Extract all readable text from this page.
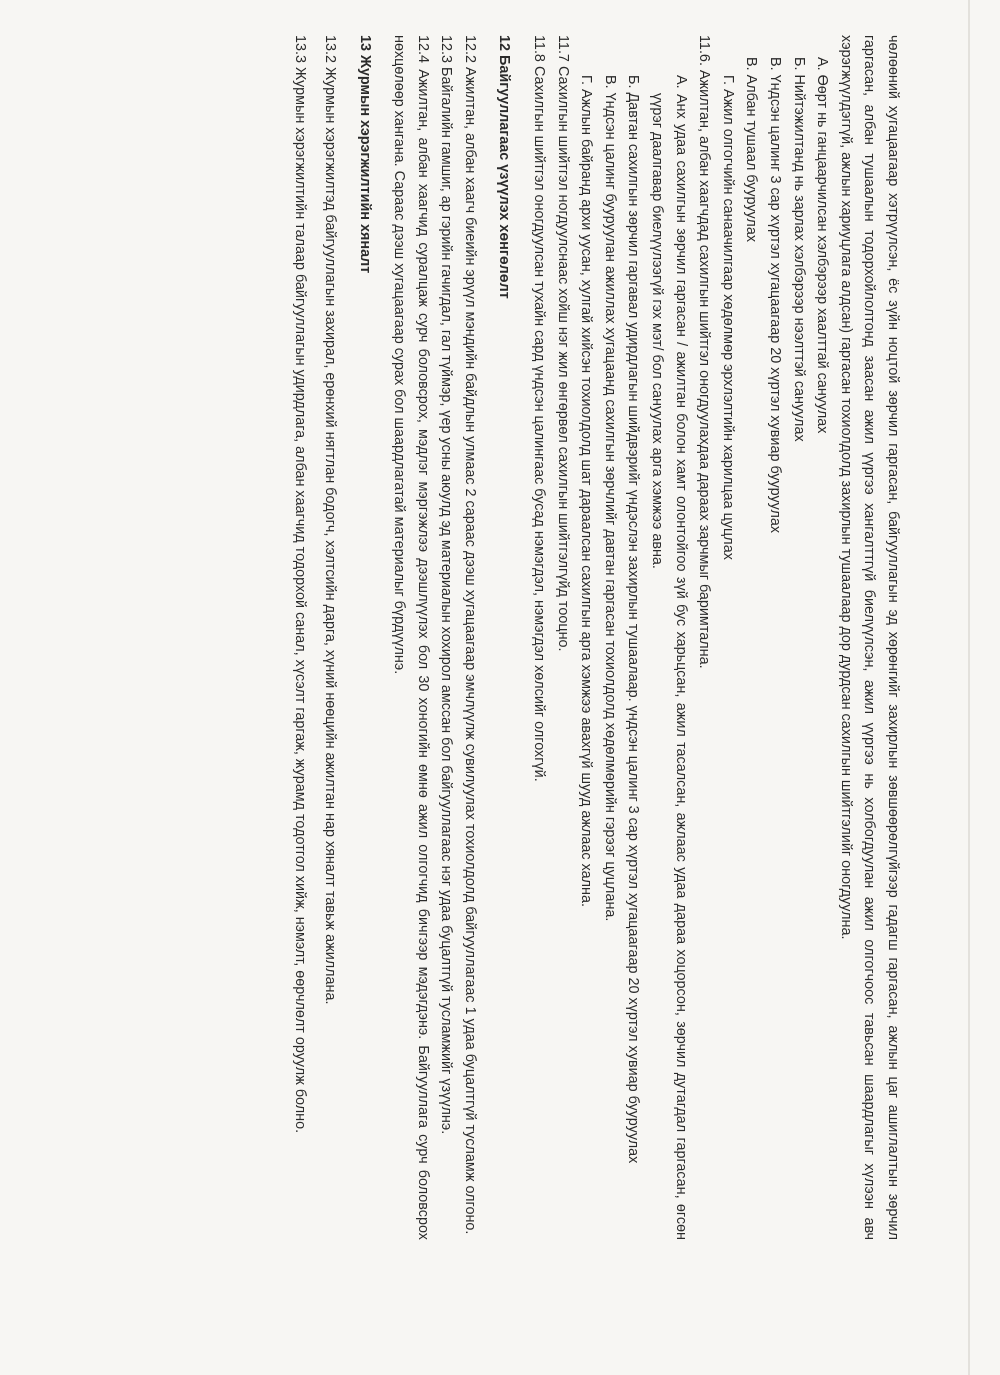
чөлөөний хугацаагаар хэтрүүлсэн, ёс зүйн ноцтой зөрчил гаргасан, байгууллагын эд хөрөнгийг захирлын зөвшөөрөлгүйгээр гадагш гаргасан, ажлын цаг ашиглалтын зөрчил гаргасан, албан тушаалын тодорхойлолтонд заасан ажил үүргээ хангалттгүй биелүүлсэн, ажил үүргээ нь холбогдуулан ажил олгогчоос тавьсан шаардлагыг хүлээн авч хэрэгжүүлдэггүй, ажлын хариуцлага алдсан) гаргасан тохиолдолд захирлын тушаалаар дор дурдсан сахилгын шийтгэлийг оногдуулна.

А. Өөрт нь ганцаарчилсан хэлбэрээр хаалттай сануулах

Б. Нийтэжилтанд нь зарлах хэлбэрээр нээлттэй сануулах

В. Үндсэн цалинг 3 сар хүртэл хугацаагаар 20 хүртэл хувиар бууруулах

В. Албан тушаал бууруулах

Г. Ажил олгогчийн санаачилгаар хөдөлмөр эрхлэлтийн харилцаа цуцлах

11.6. Ажилтан, албан хаагчдад сахилгын шийтгэл оногдуулахдаа дараах зарчмыг баримтална.

А. Анх удаа сахилгын зөрчил гаргасан / ажилтан болон хамт олонтойгоо зүй бус харьцсан, ажил тасалсан, ажлаас удаа дараа хоцорсон, зөрчил дутагдал гаргасан, өгсөн үүрэг даалгавар биелүүлээгүй гэх мэт/ бол сануулах арга хэмжээ авна.

Б. Давтан сахилгын зөрчил гаргавал удирдлагын шийдвэрийг үндэслэн захирлын тушаалаар. үндсэн цалинг 3 сар хүртэл хугацаагаар 20 хүртэл хувиар бууруулах

В. Үндсэн цалинг бууруулан ажиллах хугацаанд сахилгын зөрчлийг давтан гаргасан тохиолдолд хөдөлмөрийн гэрээг цуцлана.

Г. Ажлын байранд архи уусан, хулгай хийсэн тохиолдолд шат дараалсан сахилгын арга хэмжээ авахгүй шууд ажлаас хална.

11.7 Сахилгын шийтгэл ногдуулснаас хойш нэг жил өнгөрвөл сахилгын шийтгэлгүйд тооцно.

11.8 Сахилгын шийтгэл оногдуулсан тухайн сард үндсэн цалингаас бусад нэмэгдэл, нэмэгдэл хөлсийг олгохгүй.

12 Байгууллагаас үзүүлэх хөнгөлөлт

12.2 Ажилтан, албан хаагч биеийн эрүүл мэндийн байдлын улмаас 2 сараас дээш хугацаагаар эмчлүүлж сувилуулах тохиолдолд байгууллагаас 1 удаа буцалтгүй тусламж олгоно.

12.3 Байгалийн гамшиг, ар гэрийн гачигдал, гал түймэр, үер усны аюулд эд материалын хохирол амссан бол байгууллагаас нэг удаа буцалтгүй тусламжийг үзүүлнэ.

12.4 Ажилтан, албан хаагчид суралцаж сурч боловсрох, мэдлэг мэргэжлээ дээшлүүлэх бол 30 хоногийн өмнө ажил олгогчид бичгээр мэдэгдэнэ. Байгууллага сурч боловсрох нөхцөлөөр хангана. Сараас дээш хугацаагаар сурах бол шаардлагатай материалыг бүрдүүлнэ.

13 Журмын хэрэгжилтийн хяналт

13.2 Журмын хэрэгжилтэд байгууллагын захирал, ерөнхий нягтлан бодогч, хэлтсийн дарга, хүний нөөцийн ажилтан нар хяналт тавьж ажиллана.

13.3 Журмын хэрэгжилтийн талаар байгууллагын удирдлага, албан хаагчид тодорхой санал, хүсэлт гаргаж, журамд тодотгол хийж, нэмэлт, өөрчлөлт оруулж болно.
